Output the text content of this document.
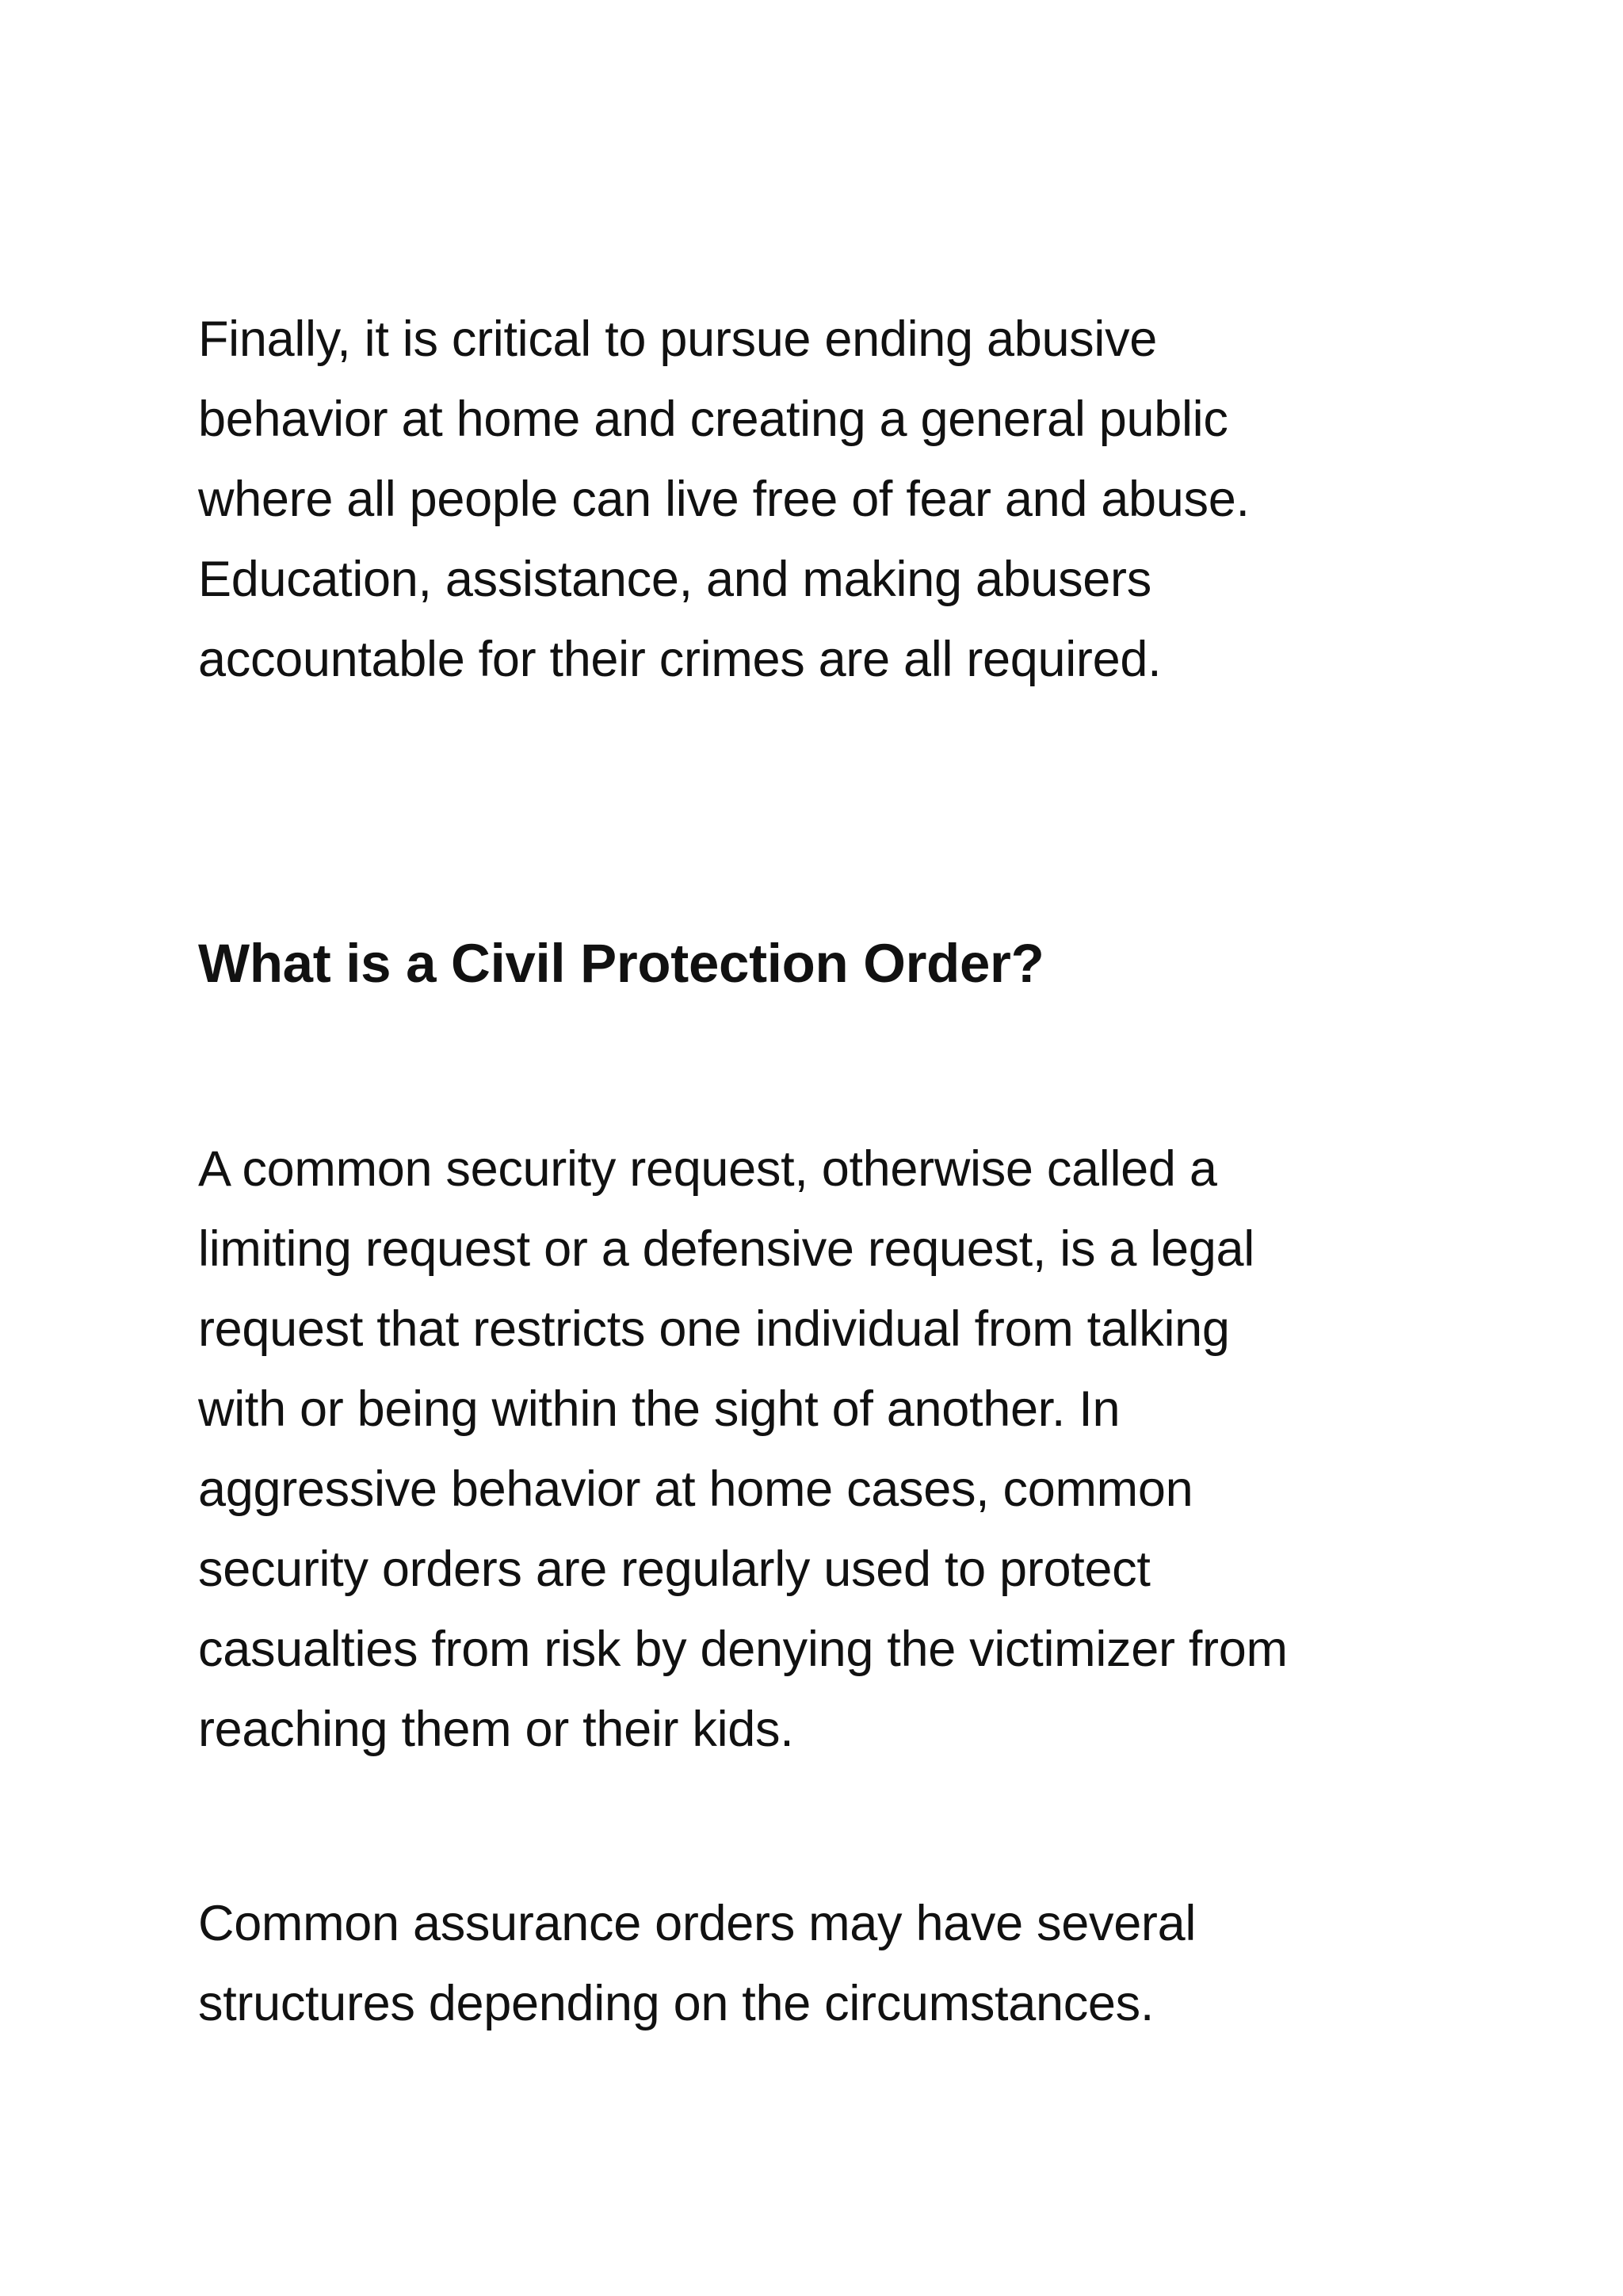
Finally, it is critical to pursue ending abusive
behavior at home and creating a general public
where all people can live free of fear and abuse.
Education, assistance, and making abusers
accountable for their crimes are all required.
What is a Civil Protection Order?
A common security request, otherwise called a
limiting request or a defensive request, is a legal
request that restricts one individual from talking
with or being within the sight of another. In
aggressive behavior at home cases, common
security orders are regularly used to protect
casualties from risk by denying the victimizer from
reaching them or their kids.
Common assurance orders may have several
structures depending on the circumstances.
